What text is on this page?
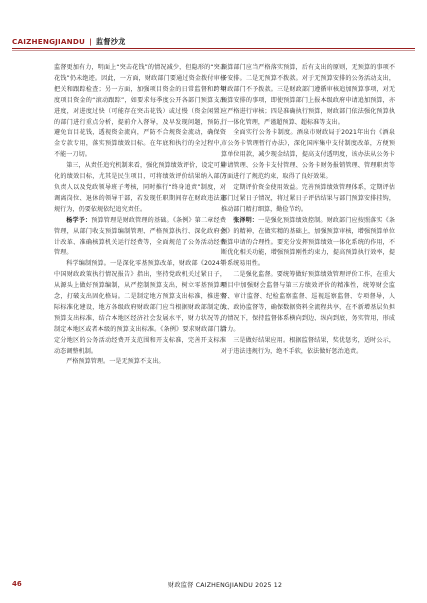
CAIZHENGJIANDU | 监督沙龙

监督更加有力，明面上“突击花钱”的情况减少，但隐形的“突击花钱”仍未绝迹。因此，一方面，财政部门要通过资金拨付审核把关和跟踪检查；另一方面，加强项目资金的日常监督和跨年度项目资金的“滚动跟踪”，如要求每季度公开各部门预算支出进度，对进度过快（可能存在突击花钱）或过慢（资金闲置）的部门进行重点分析，提前介入督导，及早发现问题，预防，避免盲目花钱，透视资金流向，严防不合规资金流动，确保资金专款专用，落实预算绩效目标。在年底和执行的全过程中，不能一刀切。

第三，从责任追究机制来看，强化预算绩效评价，设定可量化的绩效目标，尤其是民生项目，可将绩效评价结果纳入部门负责人以及党政领导班子考核，同时推行“终身追责”制度，对调离岗位、退休的领导干部，若发现任职期间存在财政违法违规行为，仍要依规依纪追究责任。

杨学予：预算管理是财政管理的基础。《条例》第二章经费管理，从部门收支预算编制管理、严格预算执行、深化政府会计改革、准确核算机关运行经费等，全面规范了公务活动经费管理。

科学编制预算。一是深化零基预算改革，财政部《2024年中国财政政策执行情况报告》指出，坚持党政机关过紧日子，从源头上做好预算编制，从严控制预算支出，树立零基预算理念，打破支出固化格局。二是制定地方预算支出标准，推进实际标准化建设，地方各级政府财政部门应当根据财政部制定的预算支出标准，结合本地区经济社会发展水平，财力状况等，制定本地区或者本级的预算支出标准。《条例》要求财政部门制定分地区的公务活动经费开支范围和开支标准，完善开支标准动态调整机制。

严格预算管理。一是无预算不支出。

预算部门应当严格落实预算，后有支出的原则，无预算的事项不予安排。二是无预算不拨款。对于无预算安排的公务活动支出，财政部门不予拨款。三是财政部门遵循审核追加预算事项，对无预算安排的事项，即使预算部门上报本级政府申请追加预算，亦应严格进行审核；四是准确执行预算，财政部门依法强化预算执行一体化管理，严谨超预算、超标准等支出。

全面实行公务卡制度。酒泉市财政局于2021年出台《酒泉市公务卡管理暂行办法》，深化国库集中支付制度改革，方便预算单位用款，减少现金结算，提高支付透明度，该办法从公务卡申请管理、公务卡支付管理、公务卡财务报销管理、管理职责等方面进行了规范约束，取得了良好效果。

定期评价资金使用效益。完善预算绩效管理体系，定期评估部门过紧日子情况，将过紧日子评估结果与部门预算安排挂钩，推动部门精打细算，勤俭节约。

张泽明：一是强化预算绩效控制。财政部门应按照落实《条例》的精神，在做实精的基础上，加强预算审核，增强预算单位预算申请的合理性。要充分发挥预算绩效一体化系统的作用，不断优化相关功能，增强预算刚性约束力，提高预算执行效率，提升系统易用性。

二是强化监督。要统筹做好预算绩效管理评价工作，在重大项目中加强财会监督与第三方绩效评价的精准性，统筹财会监督、审计监督、纪检监察监督、巡视巡察监督、专项督导，人大、政协监督等，确保数据资料全流程共享，在不新增基层负担的情况下，保持监督体系横向到边、纵向到底，务实管用，形成合力。

三是做好结果应用。根据监督结果，奖优惩劣，适时公示，对于违法违规行为，绝不手软，依法做好惩治追责。

46	财政监督 CAIZHENGJIANDU 2025 12
